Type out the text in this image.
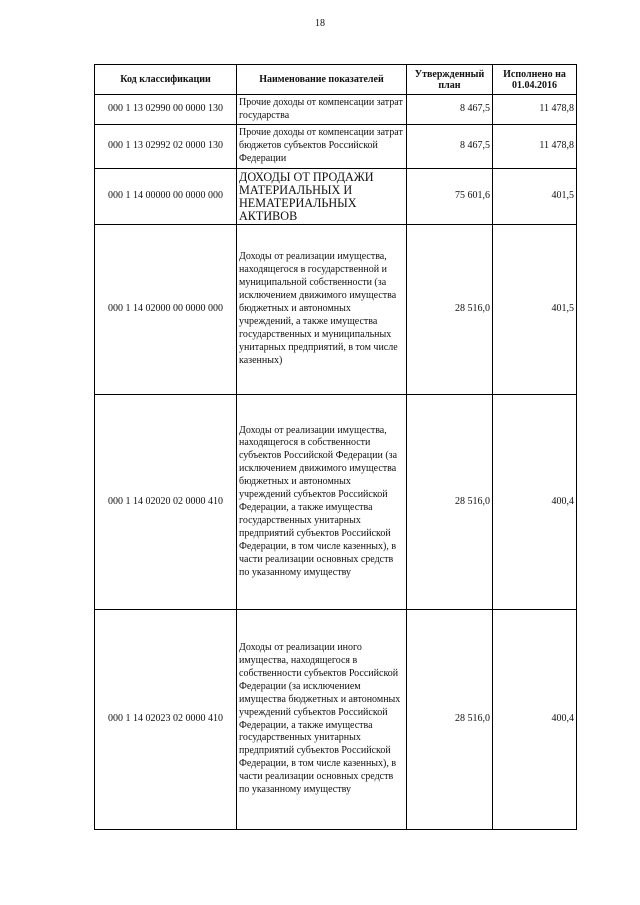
18
Код классификации	Наименование показателей	Утвержденный план	Исполнено на 01.04.2016
000 1 13 02990 00 0000 130	Прочие доходы от компенсации затрат государства	8 467,5	11 478,8
000 1 13 02992 02 0000 130	Прочие доходы от компенсации затрат бюджетов субъектов Российской Федерации	8 467,5	11 478,8
000 1 14 00000 00 0000 000	ДОХОДЫ ОТ ПРОДАЖИ МАТЕРИАЛЬНЫХ И НЕМАТЕРИАЛЬНЫХ АКТИВОВ	75 601,6	401,5
000 1 14 02000 00 0000 000	Доходы от реализации имущества, находящегося в государственной и муниципальной собственности (за исключением движимого имущества бюджетных и автономных учреждений, а также имущества государственных и муниципальных унитарных предприятий, в том числе казенных)	28 516,0	401,5
000 1 14 02020 02 0000 410	Доходы от реализации имущества, находящегося в собственности субъектов Российской Федерации (за исключением движимого имущества бюджетных и автономных учреждений субъектов Российской Федерации, а также имущества государственных унитарных предприятий субъектов Российской Федерации, в том числе казенных), в части реализации основных средств по указанному имуществу	28 516,0	400,4
000 1 14 02023 02 0000 410	Доходы от реализации иного имущества, находящегося в собственности субъектов Российской Федерации (за исключением имущества бюджетных и автономных учреждений субъектов Российской Федерации, а также имущества государственных унитарных предприятий субъектов Российской Федерации, в том числе казенных), в части реализации основных средств по указанному имуществу	28 516,0	400,4
